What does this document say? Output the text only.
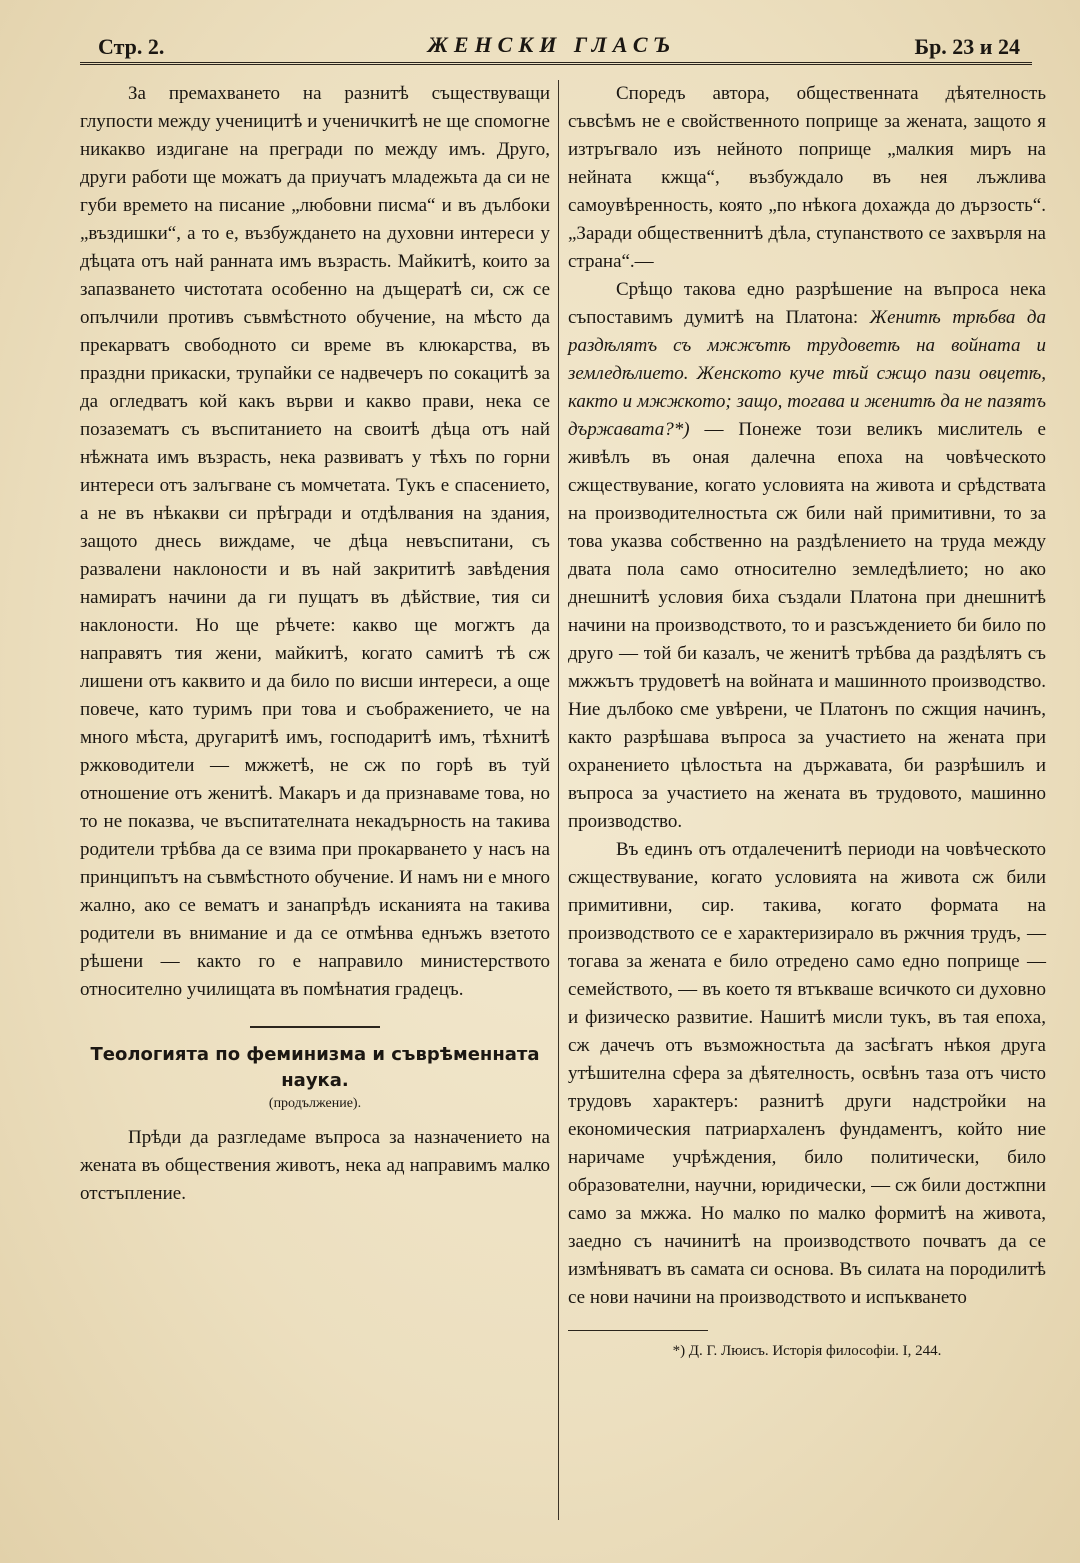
Стр. 2.	ЖЕНСКИ ГЛАСЪ	Бр. 23 и 24

За премахването на разнитѣ съществуващи глупости между ученицитѣ и ученичкитѣ не ще спомогне никакво издигане на прегради по между имъ. Друго, други работи ще можатъ да приучатъ младежьта да си не губи времето на писание „любовни писма“ и въ дълбоки „въздишки“, а то е, възбуждането на духовни интереси у дѣцата отъ най ранната имъ възрасть. Майкитѣ, които за запазването чистотата особенно на дъщератѣ си, сж се опълчили противъ съвмѣстното обучение, на мѣсто да прекарватъ свободното си време въ клюкарства, въ праздни прикаски, трупайки се надвечеръ по сокацитѣ за да огледватъ кой какъ върви и какво прави, нека се позазематъ съ въспитанието на своитѣ дѣца отъ най нѣжната имъ възрасть, нека развиватъ у тѣхъ по горни интереси отъ залъгване съ момчетата. Тукъ е спасението, а не въ нѣкакви си прѣгради и отдѣлвания на здания, защото днесь виждаме, че дѣца невъспитани, съ развалени наклоности и въ най закрититѣ завѣдения намиратъ начини да ги пущатъ въ дѣйствие, тия си наклоности. Но ще рѣчете: какво ще могжтъ да направятъ тия жени, майкитѣ, когато самитѣ тѣ сж лишени отъ каквито и да било по висши интереси, а още повече, като туримъ при това и съображението, че на много мѣста, другаритѣ имъ, господаритѣ имъ, тѣхнитѣ ржководители — мжжетѣ, не сж по горѣ въ туй отношение отъ женитѣ. Макаръ и да признаваме това, но то не показва, че въспитателната некадърность на такива родители трѣбва да се взима при прокарването у насъ на принципътъ на съвмѣстното обучение. И намъ ни е много жално, ако се вематъ и занапрѣдъ исканията на такива родители въ внимание и да се отмѣнва еднъжъ взетото рѣшени — както го е направило министерството относително училищата въ помѣнатия градецъ.

Теологията по феминизма и съврѣменната наука.
(продължение).

Прѣди да разгледаме въпроса за назначението на жената въ обществения животъ, нека ад направимъ малко отстъпление.

Споредъ автора, общественната дѣятелность съвсѣмъ не е свойственното поприще за жената, защото я изтръгвало изъ нейното поприще „малкия миръ на нейната кжща“, възбуждало въ нея лъжлива самоувѣренность, която „по нѣкога дохажда до дързость“. „Заради общественнитѣ дѣла, ступанството се захвърля на страна“.—

Срѣщо такова едно разрѣшение на въпроса нека съпоставимъ думитѣ на Платона: Женитѣ трѣбва да раздѣлятъ съ мжжътѣ трудоветѣ на войната и земледѣлието. Женското куче тѣй сжщо пази овцетѣ, както и мжжкото; защо, тогава и женитѣ да не пазятъ държавата?*) — Понеже този великъ мислитель е живѣлъ въ оная далечна епоха на човѣческото сжществувание, когато условията на живота и срѣдствата на производителностьта сж били най примитивни, то за това указва собственно на раздѣлението на труда между двата пола само относително земледѣлието; но ако днешнитѣ условия биха създали Платона при днешнитѣ начини на производството, то и разсъждението би било по друго — той би казалъ, че женитѣ трѣбва да раздѣлятъ съ мжжътъ трудоветѣ на войната и машинното производство. Ние дълбоко сме увѣрени, че Платонъ по сжщия начинъ, както разрѣшава въпроса за участието на жената при охранението цѣлостьта на държавата, би разрѣшилъ и въпроса за участието на жената въ трудовото, машинно производство.

Въ единъ отъ отдалеченитѣ периоди на човѣческото сжществувание, когато условията на живота сж били примитивни, сир. такива, когато формата на производството се е характеризирало въ ржчния трудъ, — тогава за жената е било отредено само едно поприще — семейството, — въ което тя втъкваше всичкото си духовно и физическо развитие. Нашитѣ мисли тукъ, въ тая епоха, сж дачечъ отъ възможностьта да засѣгатъ нѣкоя друга утѣшителна сфера за дѣятелность, освѣнъ таза отъ чисто трудовъ характеръ: разнитѣ други надстройки на економическия патриархаленъ фундаментъ, който ние наричаме учрѣждения, било политически, било образователни, научни, юридически, — сж били достжпни само за мжжа. Но малко по малко формитѣ на живота, заедно съ начинитѣ на производството почватъ да се измѣняватъ въ самата си основа. Въ силата на породилитѣ се нови начини на производството и испъкването

*) Д. Г. Люисъ. Исторія философіи. I, 244.
